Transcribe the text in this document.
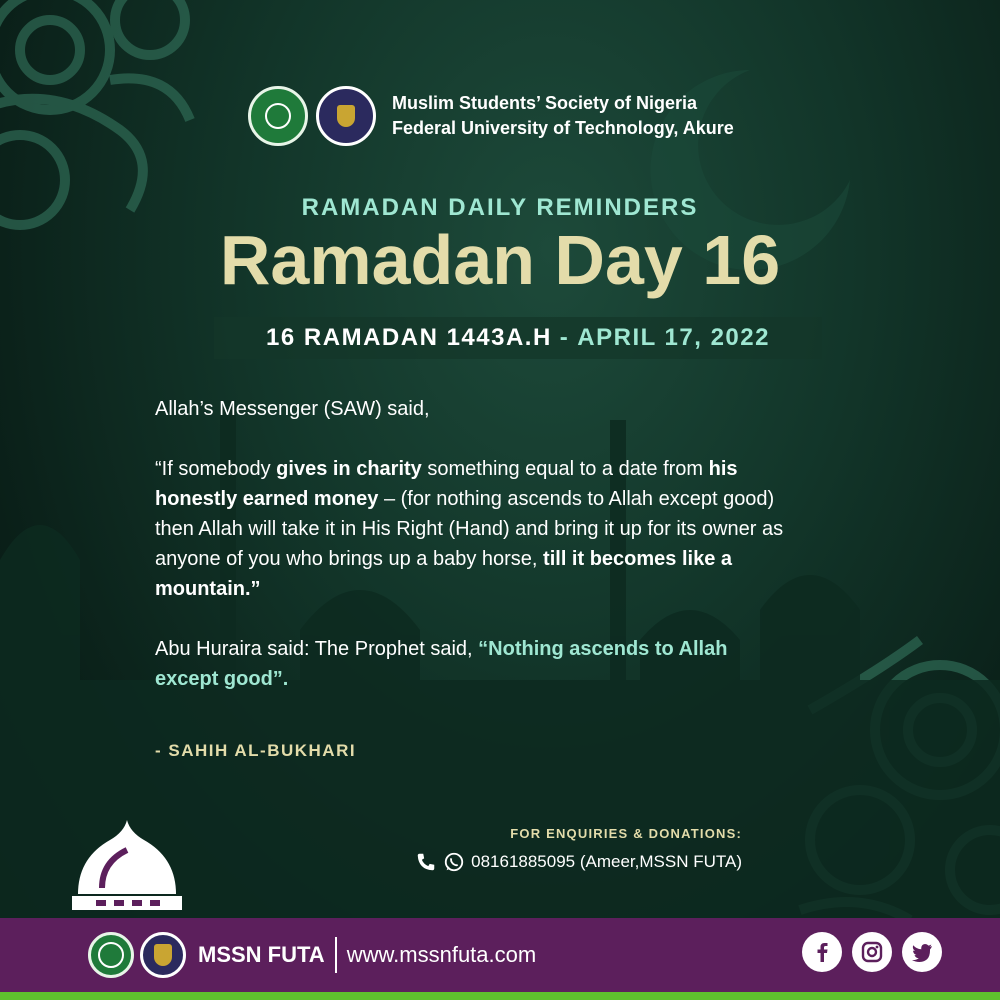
Muslim Students’ Society of Nigeria
Federal University of Technology, Akure
RAMADAN DAILY REMINDERS
Ramadan Day 16
16 RAMADAN 1443A.H - APRIL 17, 2022

Allah’s Messenger (SAW) said,

“If somebody gives in charity something equal to a date from his honestly earned money – (for nothing ascends to Allah except good) then Allah will take it in His Right (Hand) and bring it up for its owner as anyone of you who brings up a baby horse, till it becomes like a mountain.”

Abu Huraira said: The Prophet said, “Nothing ascends to Allah except good”.

- SAHIH AL-BUKHARI
FOR ENQUIRIES & DONATIONS:
08161885095 (Ameer,MSSN FUTA)
MSSN FUTA www.mssnfuta.com
